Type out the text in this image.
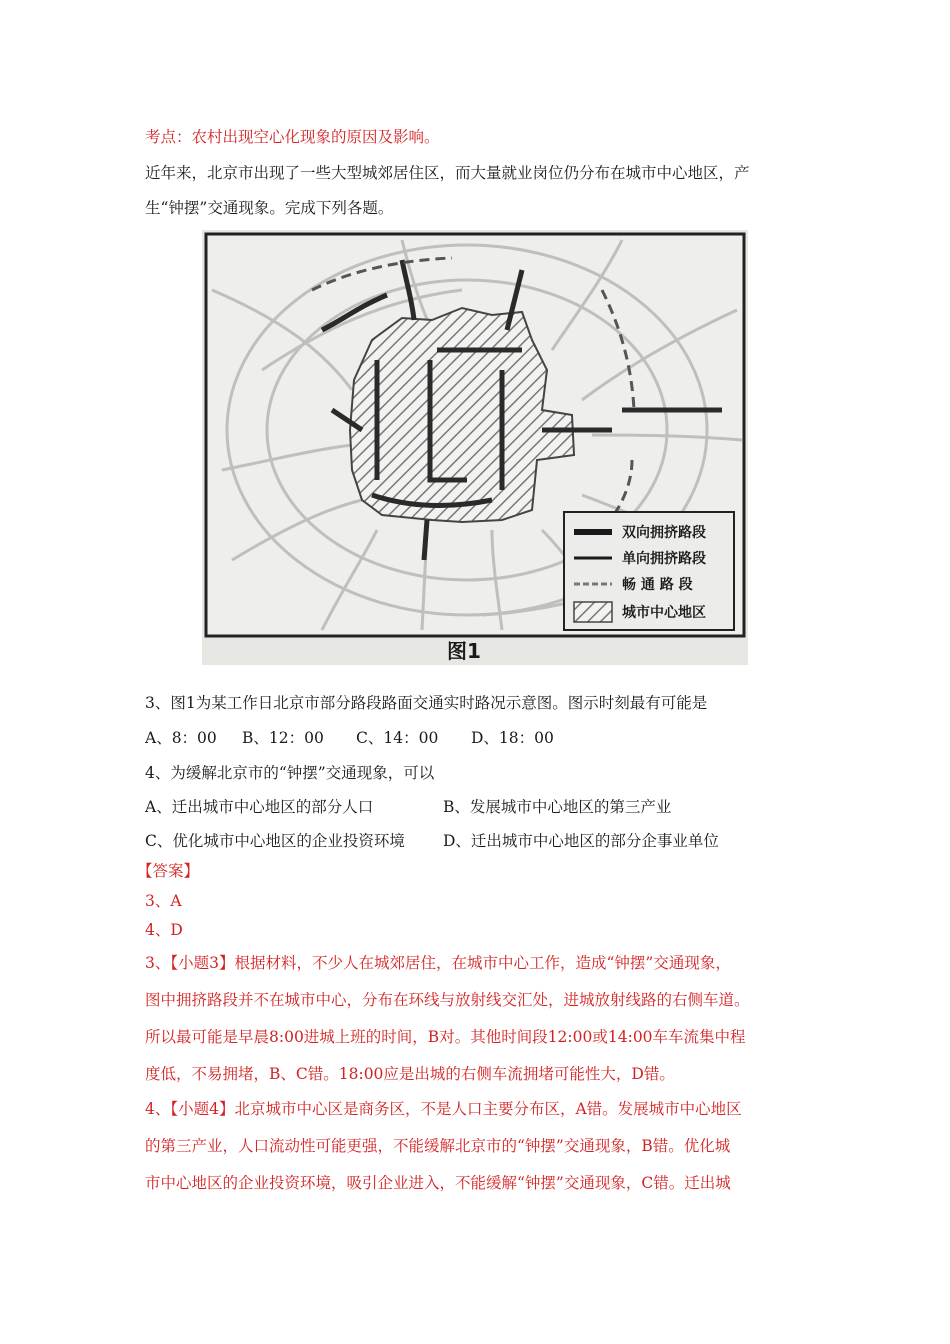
考点：农村出现空心化现象的原因及影响。
近年来，北京市出现了一些大型城郊居住区，而大量就业岗位仍分布在城市中心地区，产
生“钟摆”交通现象。完成下列各题。
双向拥挤路段
单向拥挤路段
畅 通 路 段
城市中心地区
图1
3、图1为某工作日北京市部分路段路面交通实时路况示意图。图示时刻最有可能是
A、8：00 B、12：00 C、14：00 D、18：00
4、为缓解北京市的“钟摆”交通现象，可以
A、迁出城市中心地区的部分人口	B、发展城市中心地区的第三产业
C、优化城市中心地区的企业投资环境 D、迁出城市中心地区的部分企事业单位
【答案】
3、A
4、D
3、【小题3】根据材料，不少人在城郊居住，在城市中心工作，造成“钟摆”交通现象，
图中拥挤路段并不在城市中心，分布在环线与放射线交汇处，进城放射线路的右侧车道。
所以最可能是早晨8:00进城上班的时间，B对。其他时间段12:00或14:00车车流集中程
度低，不易拥堵，B、C错。18:00应是出城的右侧车流拥堵可能性大，D错。
4、【小题4】北京城市中心区是商务区，不是人口主要分布区，A错。发展城市中心地区
的第三产业，人口流动性可能更强，不能缓解北京市的“钟摆”交通现象，B错。优化城
市中心地区的企业投资环境，吸引企业进入，不能缓解“钟摆”交通现象，C错。迁出城
